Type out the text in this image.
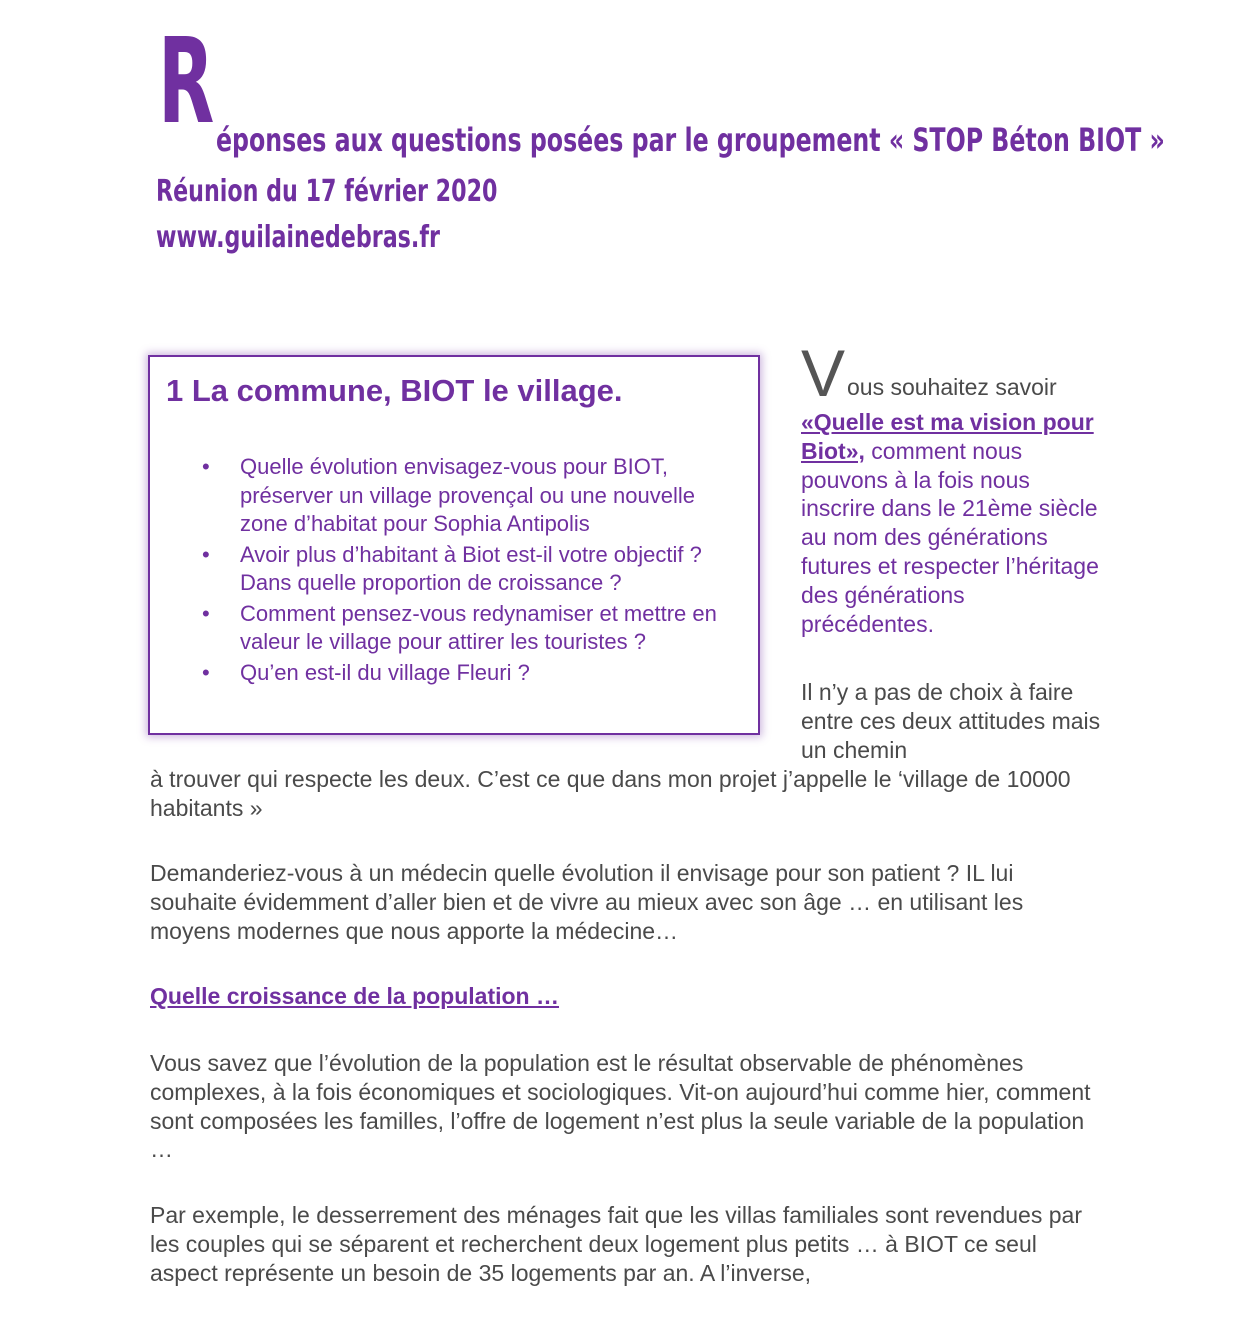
R éponses aux questions posées par le groupement « STOP Béton BIOT »
Réunion du 17 février 2020
www.guilainedebras.fr
1 La commune, BIOT le village.
• Quelle évolution envisagez-vous pour BIOT, préserver un village provençal ou une nouvelle zone d’habitat pour Sophia Antipolis
• Avoir plus d’habitant à Biot est-il votre objectif ? Dans quelle proportion de croissance ?
• Comment pensez-vous redynamiser et mettre en valeur le village pour attirer les touristes ?
• Qu’en est-il du village Fleuri ?
V ous souhaitez savoir
«Quelle est ma vision pour Biot», comment nous pouvons à la fois nous inscrire dans le 21ème siècle au nom des générations futures et respecter l’héritage des générations précédentes.
Il n’y a pas de choix à faire entre ces deux attitudes mais un chemin

à trouver qui respecte les deux. C’est ce que dans mon projet j’appelle le ‘village de 10000 habitants »

Demanderiez-vous à un médecin quelle évolution il envisage pour son patient ? IL lui souhaite évidemment d’aller bien et de vivre au mieux avec son âge … en utilisant les moyens modernes que nous apporte la médecine…

Quelle croissance de la population …

Vous savez que l’évolution de la population est le résultat observable de phénomènes complexes, à la fois économiques et sociologiques. Vit-on aujourd’hui comme hier, comment sont composées les familles, l’offre de logement n’est plus la seule variable de la population …

Par exemple, le desserrement des ménages fait que les villas familiales sont revendues par les couples qui se séparent et recherchent deux logement plus petits … à BIOT ce seul aspect représente un besoin de 35 logements par an. A l’inverse,
